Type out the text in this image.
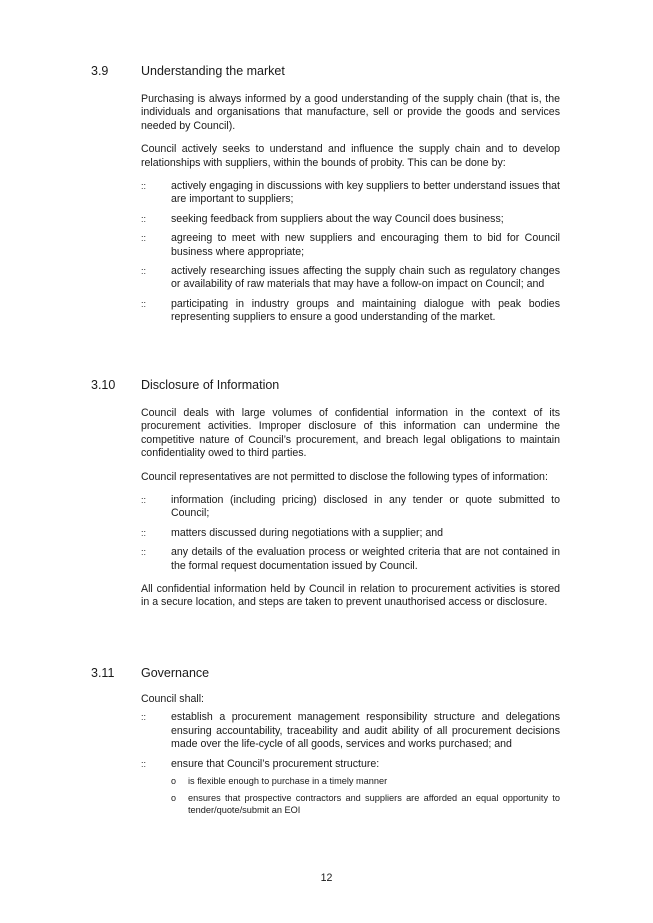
3.9	Understanding the market

Purchasing is always informed by a good understanding of the supply chain (that is, the individuals and organisations that manufacture, sell or provide the goods and services needed by Council).

Council actively seeks to understand and influence the supply chain and to develop relationships with suppliers, within the bounds of probity. This can be done by:

:: actively engaging in discussions with key suppliers to better understand issues that are important to suppliers;
:: seeking feedback from suppliers about the way Council does business;
:: agreeing to meet with new suppliers and encouraging them to bid for Council business where appropriate;
:: actively researching issues affecting the supply chain such as regulatory changes or availability of raw materials that may have a follow-on impact on Council; and
:: participating in industry groups and maintaining dialogue with peak bodies representing suppliers to ensure a good understanding of the market.
3.10 Disclosure of Information

Council deals with large volumes of confidential information in the context of its procurement activities. Improper disclosure of this information can undermine the competitive nature of Council’s procurement, and breach legal obligations to maintain confidentiality owed to third parties.

Council representatives are not permitted to disclose the following types of information:

:: information (including pricing) disclosed in any tender or quote submitted to Council;
:: matters discussed during negotiations with a supplier; and
:: any details of the evaluation process or weighted criteria that are not contained in the formal request documentation issued by Council.

All confidential information held by Council in relation to procurement activities is stored in a secure location, and steps are taken to prevent unauthorised access or disclosure.

3.11 Governance

Council shall:

:: establish a procurement management responsibility structure and delegations ensuring accountability, traceability and audit ability of all procurement decisions made over the life-cycle of all goods, services and works purchased; and
:: ensure that Council’s procurement structure:
o is flexible enough to purchase in a timely manner
o ensures that prospective contractors and suppliers are afforded an equal opportunity to tender/quote/submit an EOI
12
